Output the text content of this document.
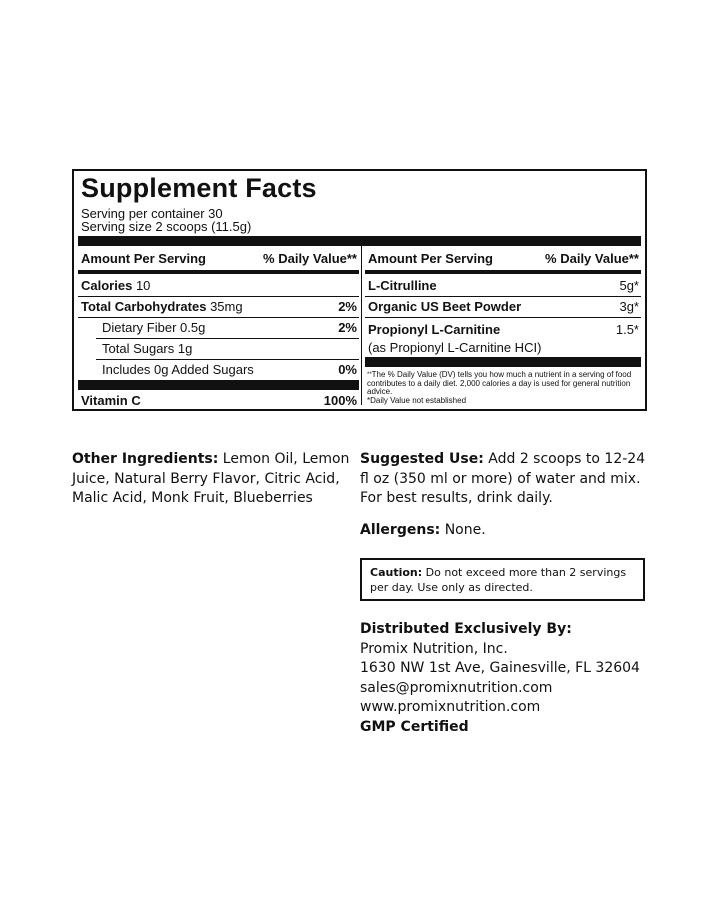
Supplement Facts
Serving per container 30
Serving size 2 scoops (11.5g)
Amount Per Serving	% Daily Value**
Calories 10
Total Carbohydrates 35mg	2%
Dietary Fiber 0.5g	2%
Total Sugars 1g
Includes 0g Added Sugars	0%
Vitamin C	100%
Amount Per Serving	% Daily Value**
L-Citrulline	5g*
Organic US Beet Powder	3g*
Propionyl L-Carnitine	1.5*
(as Propionyl L-Carnitine HCI)
**The % Daily Value (DV) tells you how much a nutrient in a serving of food contributes to a daily diet. 2,000 calories a day is used for general nutrition advice.
*Daily Value not established
Other Ingredients: Lemon Oil, Lemon Juice, Natural Berry Flavor, Citric Acid, Malic Acid, Monk Fruit, Blueberries
Suggested Use: Add 2 scoops to 12-24 fl oz (350 ml or more) of water and mix. For best results, drink daily.
Allergens: None.
Caution: Do not exceed more than 2 servings per day. Use only as directed.
Distributed Exclusively By:
Promix Nutrition, Inc.
1630 NW 1st Ave, Gainesville, FL 32604
sales@promixnutrition.com
www.promixnutrition.com
GMP Certified
